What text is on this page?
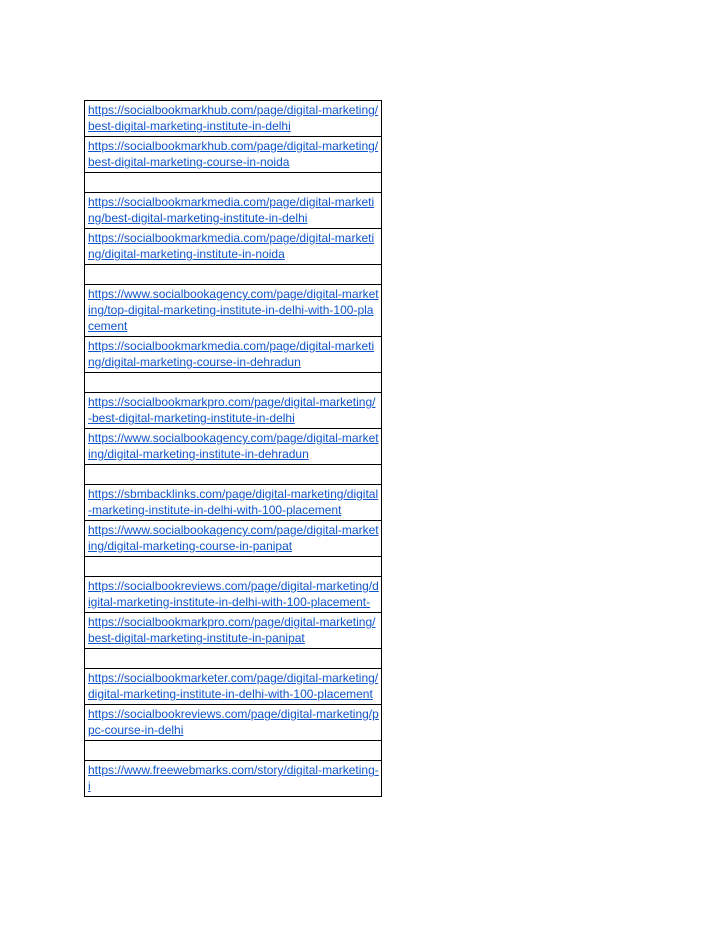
https://socialbookmarkhub.com/page/digital-marketing/best-digital-marketing-institute-in-delhi
https://socialbookmarkhub.com/page/digital-marketing/best-digital-marketing-course-in-noida

https://socialbookmarkmedia.com/page/digital-marketing/best-digital-marketing-institute-in-delhi
https://socialbookmarkmedia.com/page/digital-marketing/digital-marketing-institute-in-noida

https://www.socialbookagency.com/page/digital-marketing/top-digital-marketing-institute-in-delhi-with-100-placement
https://socialbookmarkmedia.com/page/digital-marketing/digital-marketing-course-in-dehradun

https://socialbookmarkpro.com/page/digital-marketing/-best-digital-marketing-institute-in-delhi
https://www.socialbookagency.com/page/digital-marketing/digital-marketing-institute-in-dehradun

https://sbmbacklinks.com/page/digital-marketing/digital-marketing-institute-in-delhi-with-100-placement
https://www.socialbookagency.com/page/digital-marketing/digital-marketing-course-in-panipat

https://socialbookreviews.com/page/digital-marketing/digital-marketing-institute-in-delhi-with-100-placement-
https://socialbookmarkpro.com/page/digital-marketing/best-digital-marketing-institute-in-panipat

https://socialbookmarketer.com/page/digital-marketing/digital-marketing-institute-in-delhi-with-100-placement
https://socialbookreviews.com/page/digital-marketing/ppc-course-in-delhi

https://www.freewebmarks.com/story/digital-marketing-i
